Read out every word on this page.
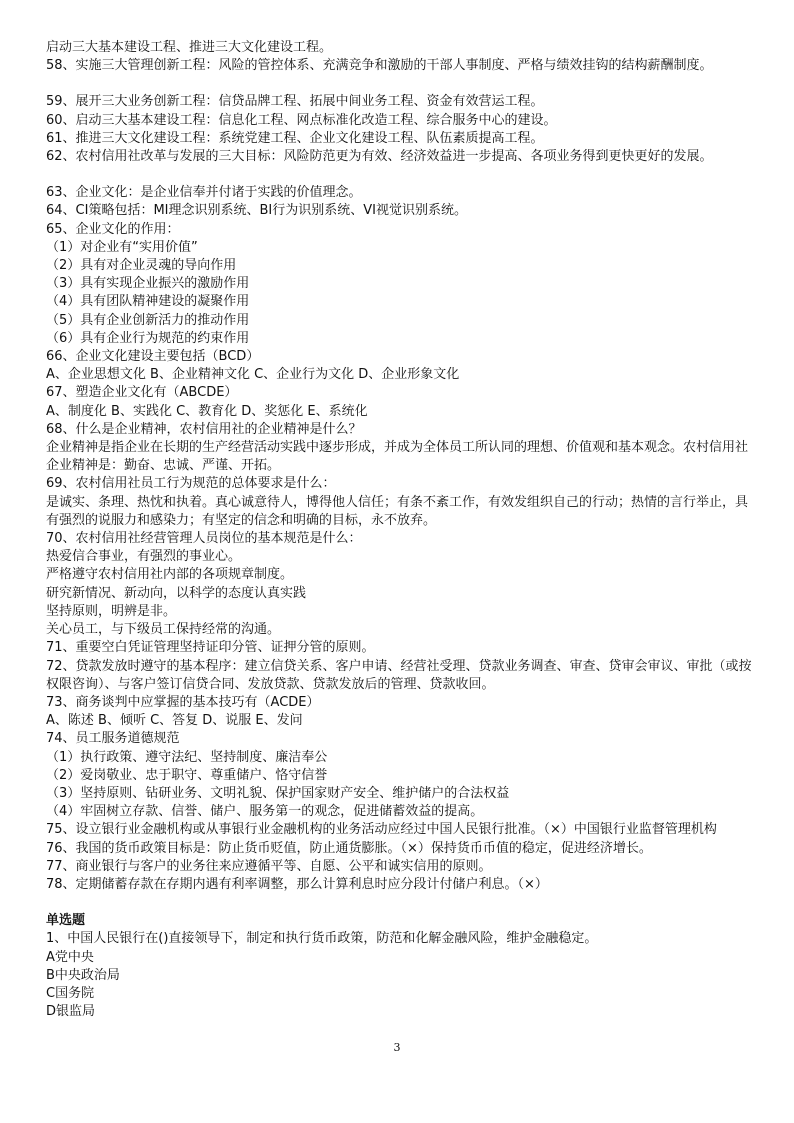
启动三大基本建设工程、推进三大文化建设工程。
58、实施三大管理创新工程：风险的管控体系、充满竞争和激励的干部人事制度、严格与绩效挂钩的结构薪酬制度。
59、展开三大业务创新工程：信贷品牌工程、拓展中间业务工程、资金有效营运工程。
60、启动三大基本建设工程：信息化工程、网点标准化改造工程、综合服务中心的建设。
61、推进三大文化建设工程：系统党建工程、企业文化建设工程、队伍素质提高工程。
62、农村信用社改革与发展的三大目标：风险防范更为有效、经济效益进一步提高、各项业务得到更快更好的发展。
63、企业文化：是企业信奉并付诸于实践的价值理念。
64、CI策略包括：MI理念识别系统、BI行为识别系统、VI视觉识别系统。
65、企业文化的作用：
（1）对企业有“实用价值”
（2）具有对企业灵魂的导向作用
（3）具有实现企业振兴的激励作用
（4）具有团队精神建设的凝聚作用
（5）具有企业创新活力的推动作用
（6）具有企业行为规范的约束作用
66、企业文化建设主要包括（BCD）
A、企业思想文化 B、企业精神文化 C、企业行为文化 D、企业形象文化
67、塑造企业文化有（ABCDE）
A、制度化 B、实践化 C、教育化 D、奖惩化 E、系统化
68、什么是企业精神，农村信用社的企业精神是什么？
企业精神是指企业在长期的生产经营活动实践中逐步形成，并成为全体员工所认同的理想、价值观和基本观念。农村信用社企业精神是：勤奋、忠诚、严谨、开拓。
69、农村信用社员工行为规范的总体要求是什么：
是诚实、条理、热忱和执着。真心诚意待人，博得他人信任；有条不紊工作，有效发组织自己的行动；热情的言行举止，具有强烈的说服力和感染力；有坚定的信念和明确的目标，永不放弃。
70、农村信用社经营管理人员岗位的基本规范是什么：
热爱信合事业，有强烈的事业心。
严格遵守农村信用社内部的各项规章制度。
研究新情况、新动向，以科学的态度认真实践
坚持原则，明辨是非。
关心员工，与下级员工保持经常的沟通。
71、重要空白凭证管理坚持证印分管、证押分管的原则。
72、贷款发放时遵守的基本程序：建立信贷关系、客户申请、经营社受理、贷款业务调查、审查、贷审会审议、审批（或按权限咨询）、与客户签订信贷合同、发放贷款、贷款发放后的管理、贷款收回。
73、商务谈判中应掌握的基本技巧有（ACDE）
A、陈述 B、倾听 C、答复 D、说服 E、发问
74、员工服务道德规范
（1）执行政策、遵守法纪、坚持制度、廉洁奉公
（2）爱岗敬业、忠于职守、尊重储户、恪守信誉
（3）坚持原则、钻研业务、文明礼貌、保护国家财产安全、维护储户的合法权益
（4）牢固树立存款、信誉、储户、服务第一的观念，促进储蓄效益的提高。
75、设立银行业金融机构或从事银行业金融机构的业务活动应经过中国人民银行批准。（×）中国银行业监督管理机构
76、我国的货币政策目标是：防止货币贬值，防止通货膨胀。（×）保持货币币值的稳定，促进经济增长。
77、商业银行与客户的业务往来应遵循平等、自愿、公平和诚实信用的原则。
78、定期储蓄存款在存期内遇有利率调整，那么计算利息时应分段计付储户利息。（×）
单选题
1、中国人民银行在()直接领导下，制定和执行货币政策，防范和化解金融风险，维护金融稳定。
A党中央
B中央政治局
C国务院
D银监局
3
